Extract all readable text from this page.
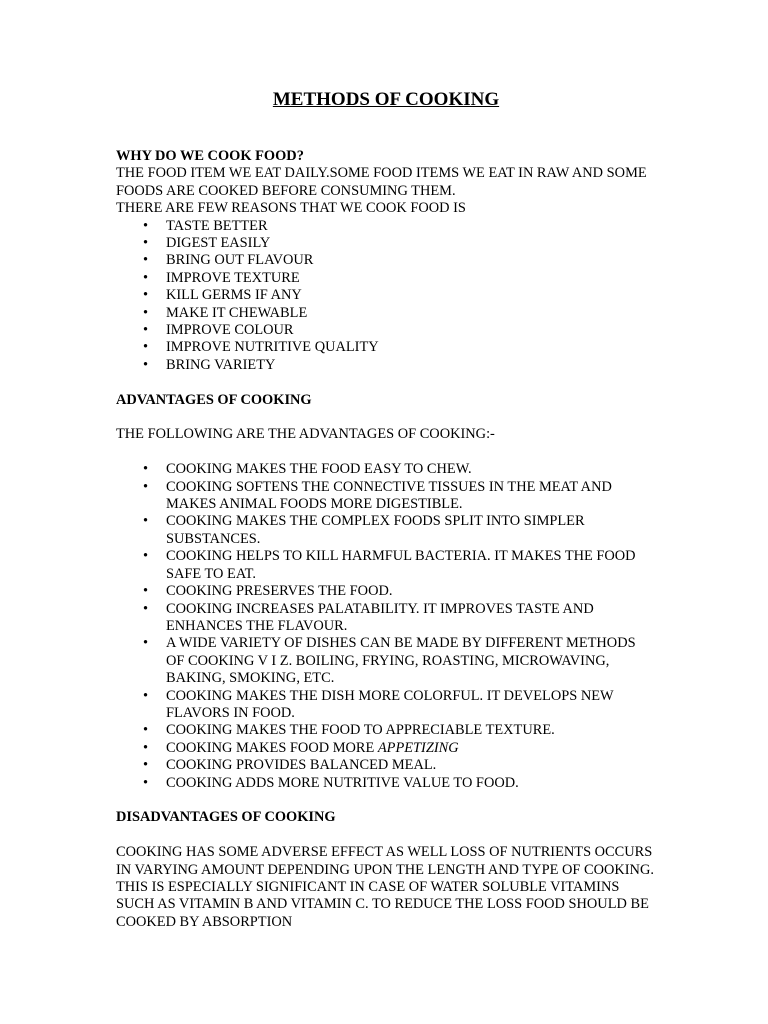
METHODS OF COOKING

WHY DO WE COOK FOOD?

THE FOOD ITEM WE EAT DAILY.SOME FOOD ITEMS WE EAT IN RAW AND SOME FOODS ARE COOKED BEFORE CONSUMING THEM.

THERE ARE FEW REASONS THAT WE COOK FOOD IS

• TASTE BETTER
• DIGEST EASILY
• BRING OUT FLAVOUR
• IMPROVE TEXTURE
• KILL GERMS IF ANY
• MAKE IT CHEWABLE
• IMPROVE COLOUR
• IMPROVE NUTRITIVE QUALITY
• BRING VARIETY

ADVANTAGES OF COOKING

THE FOLLOWING ARE THE ADVANTAGES OF COOKING:-

• COOKING MAKES THE FOOD EASY TO CHEW.
• COOKING SOFTENS THE CONNECTIVE TISSUES IN THE MEAT AND MAKES ANIMAL FOODS MORE DIGESTIBLE.
• COOKING MAKES THE COMPLEX FOODS SPLIT INTO SIMPLER SUBSTANCES.
• COOKING HELPS TO KILL HARMFUL BACTERIA. IT MAKES THE FOOD SAFE TO EAT.
• COOKING PRESERVES THE FOOD.
• COOKING INCREASES PALATABILITY. IT IMPROVES TASTE AND ENHANCES THE FLAVOUR.
• A WIDE VARIETY OF DISHES CAN BE MADE BY DIFFERENT METHODS OF COOKING V I Z. BOILING, FRYING, ROASTING, MICROWAVING, BAKING, SMOKING, ETC.
• COOKING MAKES THE DISH MORE COLORFUL. IT DEVELOPS NEW FLAVORS IN FOOD.
• COOKING MAKES THE FOOD TO APPRECIABLE TEXTURE.
• COOKING MAKES FOOD MORE APPETIZING
• COOKING PROVIDES BALANCED MEAL.
• COOKING ADDS MORE NUTRITIVE VALUE TO FOOD.

DISADVANTAGES OF COOKING

COOKING HAS SOME ADVERSE EFFECT AS WELL LOSS OF NUTRIENTS OCCURS IN VARYING AMOUNT DEPENDING UPON THE LENGTH AND TYPE OF COOKING. THIS IS ESPECIALLY SIGNIFICANT IN CASE OF WATER SOLUBLE VITAMINS SUCH AS VITAMIN B AND VITAMIN C. TO REDUCE THE LOSS FOOD SHOULD BE COOKED BY ABSORPTION
